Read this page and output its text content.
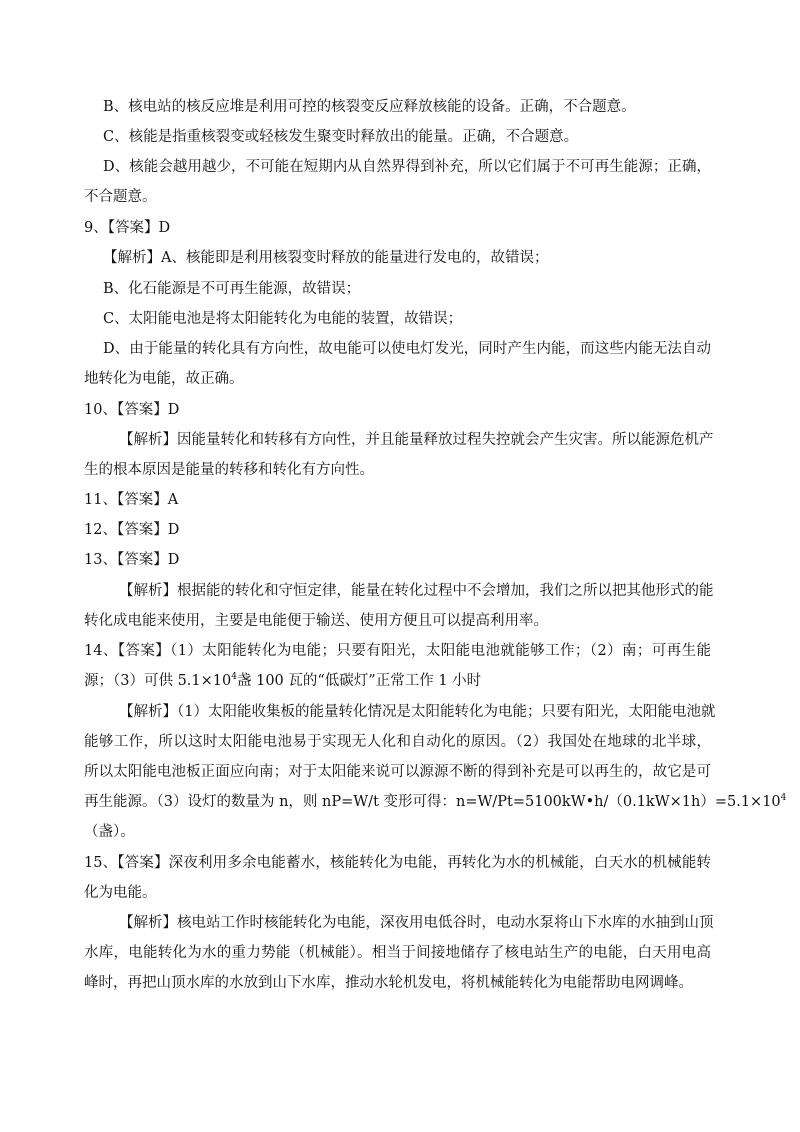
B、核电站的核反应堆是利用可控的核裂变反应释放核能的设备。正确，不合题意。
C、核能是指重核裂变或轻核发生聚变时释放出的能量。正确，不合题意。
D、核能会越用越少，不可能在短期内从自然界得到补充，所以它们属于不可再生能源；正确，
不合题意。
9、【答案】D
【解析】A、核能即是利用核裂变时释放的能量进行发电的，故错误；
B、化石能源是不可再生能源，故错误；
C、太阳能电池是将太阳能转化为电能的装置，故错误；
D、由于能量的转化具有方向性，故电能可以使电灯发光，同时产生内能，而这些内能无法自动
地转化为电能，故正确。
10、【答案】D
【解析】因能量转化和转移有方向性，并且能量释放过程失控就会产生灾害。所以能源危机产
生的根本原因是能量的转移和转化有方向性。
11、【答案】A
12、【答案】D
13、【答案】D
【解析】根据能的转化和守恒定律，能量在转化过程中不会增加，我们之所以把其他形式的能
转化成电能来使用，主要是电能便于输送、使用方便且可以提高利用率。
14、【答案】（1）太阳能转化为电能；只要有阳光，太阳能电池就能够工作；（2）南；可再生能
源；（3）可供 $5.1\times 10^4$盏 100 瓦的“低碳灯”正常工作 1 小时
【解析】（1）太阳能收集板的能量转化情况是太阳能转化为电能；只要有阳光，太阳能电池就
能够工作，所以这时太阳能电池易于实现无人化和自动化的原因。（2）我国处在地球的北半球，
所以太阳能电池板正面应向南；对于太阳能来说可以源源不断的得到补充是可以再生的，故它是可
再生能源。（3）设灯的数量为 n，则 nP=W/t 变形可得：$n=W/Pt=5100kW•h/(0.1kW\times 1h)=5.1\times 10^4$
（盏）。
15、【答案】深夜利用多余电能蓄水，核能转化为电能，再转化为水的机械能，白天水的机械能转
化为电能。
【解析】核电站工作时核能转化为电能，深夜用电低谷时，电动水泵将山下水库的水抽到山顶
水库，电能转化为水的重力势能（机械能）。相当于间接地储存了核电站生产的电能，白天用电高
峰时，再把山顶水库的水放到山下水库，推动水轮机发电，将机械能转化为电能帮助电网调峰。
